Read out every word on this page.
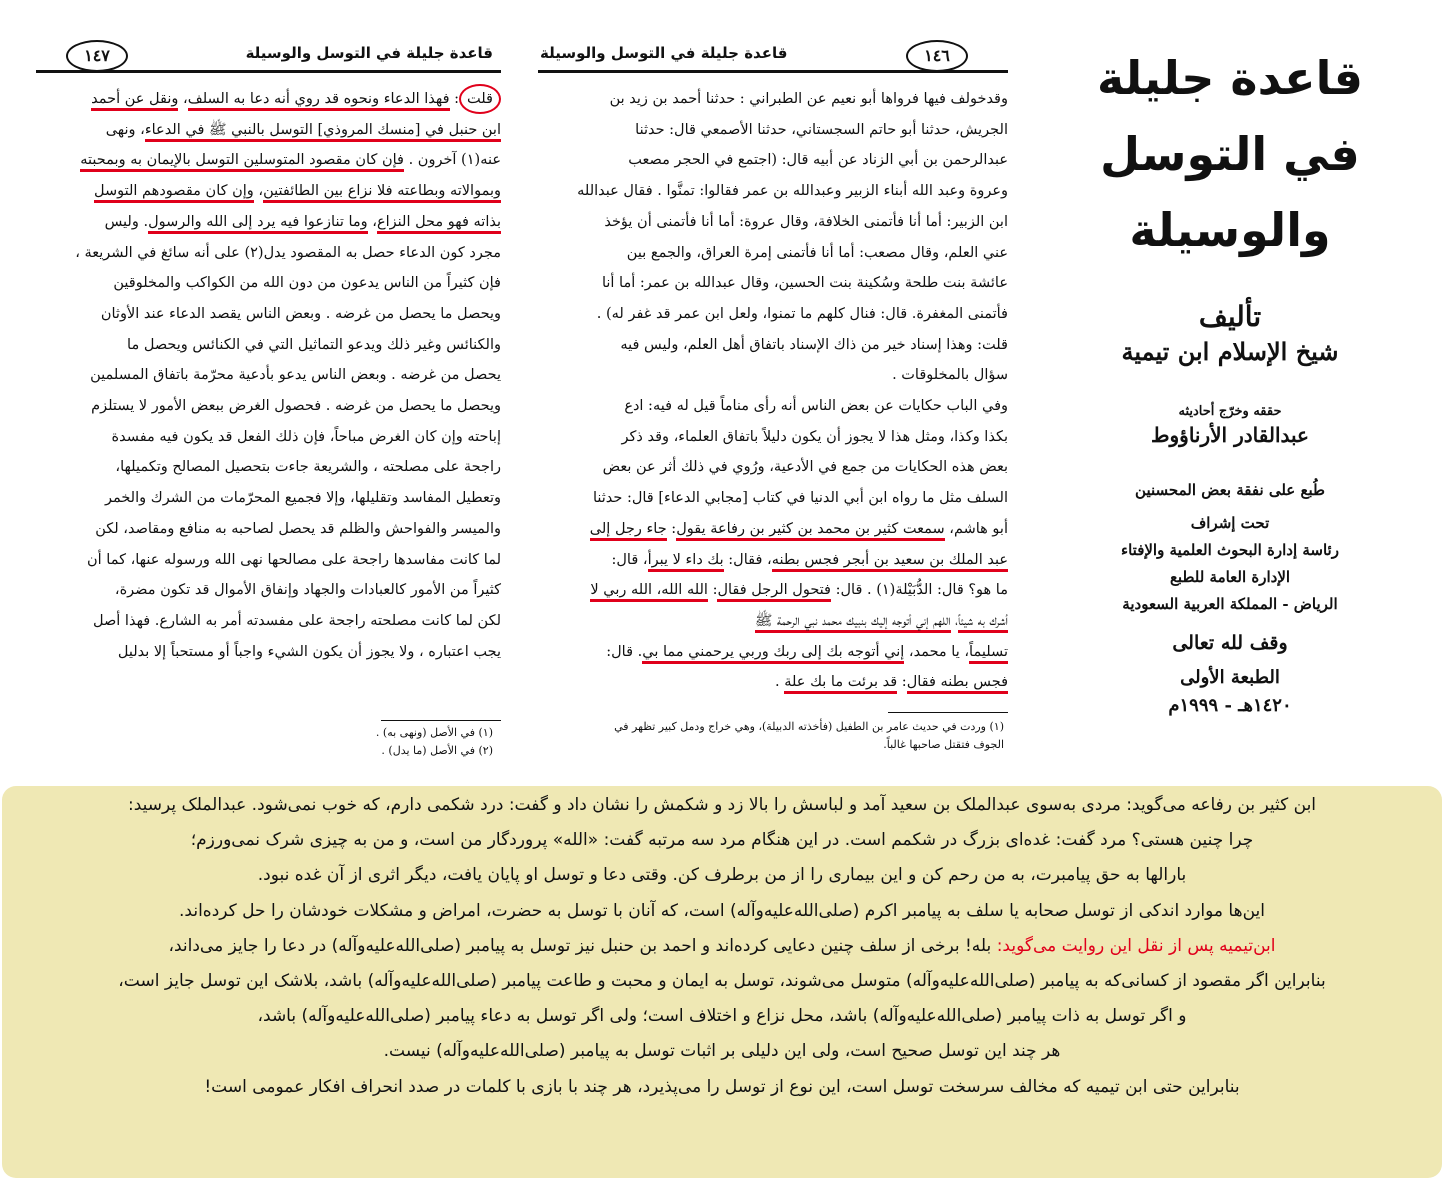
قاعدة جليلة في التوسل والوسيلة
١٤٧

قلت: فهذا الدعاء ونحوه قد روي أنه دعا به السلف، ونقل عن أحمد

ابن حنبل في [منسك المروذي] التوسل بالنبي ﷺ في الدعاء، ونهى

عنه(١) آخرون . فإن كان مقصود المتوسلين التوسل بالإيمان به وبمحبته

وبموالاته وبطاعته فلا نزاع بين الطائفتين، وإن كان مقصودهم التوسل

بذاته فهو محل النزاع، وما تنازعوا فيه يرد إلى الله والرسول. وليس

مجرد كون الدعاء حصل به المقصود يدل(٢) على أنه سائغ في الشريعة ،

فإن كثيراً من الناس يدعون من دون الله من الكواكب والمخلوقين

ويحصل ما يحصل من غرضه . وبعض الناس يقصد الدعاء عند الأوثان

والكنائس وغير ذلك ويدعو التماثيل التي في الكنائس ويحصل ما

يحصل من غرضه . وبعض الناس يدعو بأدعية محرّمة باتفاق المسلمين

ويحصل ما يحصل من غرضه . فحصول الغرض ببعض الأمور لا يستلزم

إباحته وإن كان الغرض مباحاً، فإن ذلك الفعل قد يكون فيه مفسدة

راجحة على مصلحته ، والشريعة جاءت بتحصيل المصالح وتكميلها،

وتعطيل المفاسد وتقليلها، وإلا فجميع المحرّمات من الشرك والخمر

والميسر والفواحش والظلم قد يحصل لصاحبه به منافع ومقاصد، لكن

لما كانت مفاسدها راجحة على مصالحها نهى الله ورسوله عنها، كما أن

كثيراً من الأمور كالعبادات والجهاد وإنفاق الأموال قد تكون مضرة،

لكن لما كانت مصلحته راجحة على مفسدته أمر به الشارع. فهذا أصل

يجب اعتباره ، ولا يجوز أن يكون الشيء واجباً أو مستحباً إلا بدليل

(١) في الأصل (ونهى به) .

(٢) في الأصل (ما يدل) .

قاعدة جليلة في التوسل والوسيلة	١٤٦

وقدخولف فيها فرواها أبو نعيم عن الطبراني : حدثنا أحمد بن زيد بن

الجريش، حدثنا أبو حاتم السجستاني، حدثنا الأصمعي قال: حدثنا

عبدالرحمن بن أبي الزناد عن أبيه قال: (اجتمع في الحجر مصعب

وعروة وعبد الله أبناء الزبير وعبدالله بن عمر فقالوا: تمنَّوا . فقال عبدالله

ابن الزبير: أما أنا فأتمنى الخلافة، وقال عروة: أما أنا فأتمنى أن يؤخذ

عني العلم، وقال مصعب: أما أنا فأتمنى إمرة العراق، والجمع بين

عائشة بنت طلحة وسُكينة بنت الحسين، وقال عبدالله بن عمر: أما أنا

فأتمنى المغفرة. قال: فنال كلهم ما تمنوا، ولعل ابن عمر قد غفر له) .

قلت: وهذا إسناد خير من ذاك الإسناد باتفاق أهل العلم، وليس فيه

سؤال بالمخلوقات .

وفي الباب حكايات عن بعض الناس أنه رأى مناماً قيل له فيه: ادع

بكذا وكذا، ومثل هذا لا يجوز أن يكون دليلاً باتفاق العلماء، وقد ذكر

بعض هذه الحكايات من جمع في الأدعية، ورُوي في ذلك أثر عن بعض

السلف مثل ما رواه ابن أبي الدنيا في كتاب [مجابي الدعاء] قال: حدثنا

أبو هاشم، سمعت كثير بن محمد بن كثير بن رفاعة يقول: جاء رجل إلى

عبد الملك بن سعيد بن أبجر فجس بطنه، فقال: بك داء لا يبرأ، قال:

ما هو؟ قال: الدُّبَيْلة(١) . قال: فتحول الرجل فقال: الله الله، الله ربي لا

أشرك به شيئاً، اللهم إني أتوجه إليك بنبيك محمد نبي الرحمة ﷺ

تسليماً، يا محمد، إني أتوجه بك إلى ربك وربي يرحمني مما بي. قال:

فجس بطنه فقال: قد برئت ما بك علة .

(١) وردت في حديث عامر بن الطفيل (فأخذته الدبيلة)، وهي خراج ودمل كبير تظهر في

الجوف فتقتل صاحبها غالباً.

قاعدة جليلة
في التوسل والوسيلة
تأليف
شيخ الإسلام ابن تيمية
حققه وخرّج أحاديثه
عبدالقادر الأرناؤوط
طُبع على نفقة بعض المحسنين
تحت إشراف
رئاسة إدارة البحوث العلمية والإفتاء
الإدارة العامة للطبع
الرياض - المملكة العربية السعودية
وقف لله تعالى
الطبعة الأولى
١٤٢٠هـ - ١٩٩٩م

ابن کثیر بن رفاعه می‌گوید: مردی به‌سوی عبدالملک بن سعید آمد و لباسش را بالا زد و شکمش را نشان داد و گفت: درد شکمی دارم، که خوب نمی‌شود. عبدالملک پرسید:

چرا چنین هستی؟ مرد گفت: غده‌ای بزرگ در شکمم است. در این هنگام مرد سه مرتبه گفت: «الله» پروردگار من است، و من به چیزی شرک نمی‌ورزم؛

بارالها به حق پیامبرت، به من رحم کن و این بیماری را از من برطرف کن. وقتی دعا و توسل او پایان یافت، دیگر اثری از آن غده نبود.

این‌ها موارد اندکی از توسل صحابه یا سلف به پیامبر اکرم (صلی‌الله‌علیه‌وآله) است، که آنان با توسل به حضرت، امراض و مشکلات خودشان را حل کرده‌اند.

ابن‌تیمیه پس از نقل این روایت می‌گوید: بله! برخی از سلف چنین دعایی کرده‌اند و احمد بن حنبل نیز توسل به پیامبر (صلی‌الله‌علیه‌وآله) در دعا را جایز می‌داند،

بنابراین اگر مقصود از کسانی‌که به پیامبر (صلی‌الله‌علیه‌وآله) متوسل می‌شوند، توسل به ایمان و محبت و طاعت پیامبر (صلی‌الله‌علیه‌وآله) باشد، بلاشک این توسل جایز است،

و اگر توسل به ذات پیامبر (صلی‌الله‌علیه‌وآله) باشد، محل نزاع و اختلاف است؛ ولی اگر توسل به دعاء پیامبر (صلی‌الله‌علیه‌وآله) باشد،

هر چند این توسل صحیح است، ولی این دلیلی بر اثبات توسل به پیامبر (صلی‌الله‌علیه‌وآله) نیست.

بنابراین حتی ابن تیمیه که مخالف سرسخت توسل است، این نوع از توسل را می‌پذیرد، هر چند با بازی با کلمات در صدد انحراف افکار عمومی است!
